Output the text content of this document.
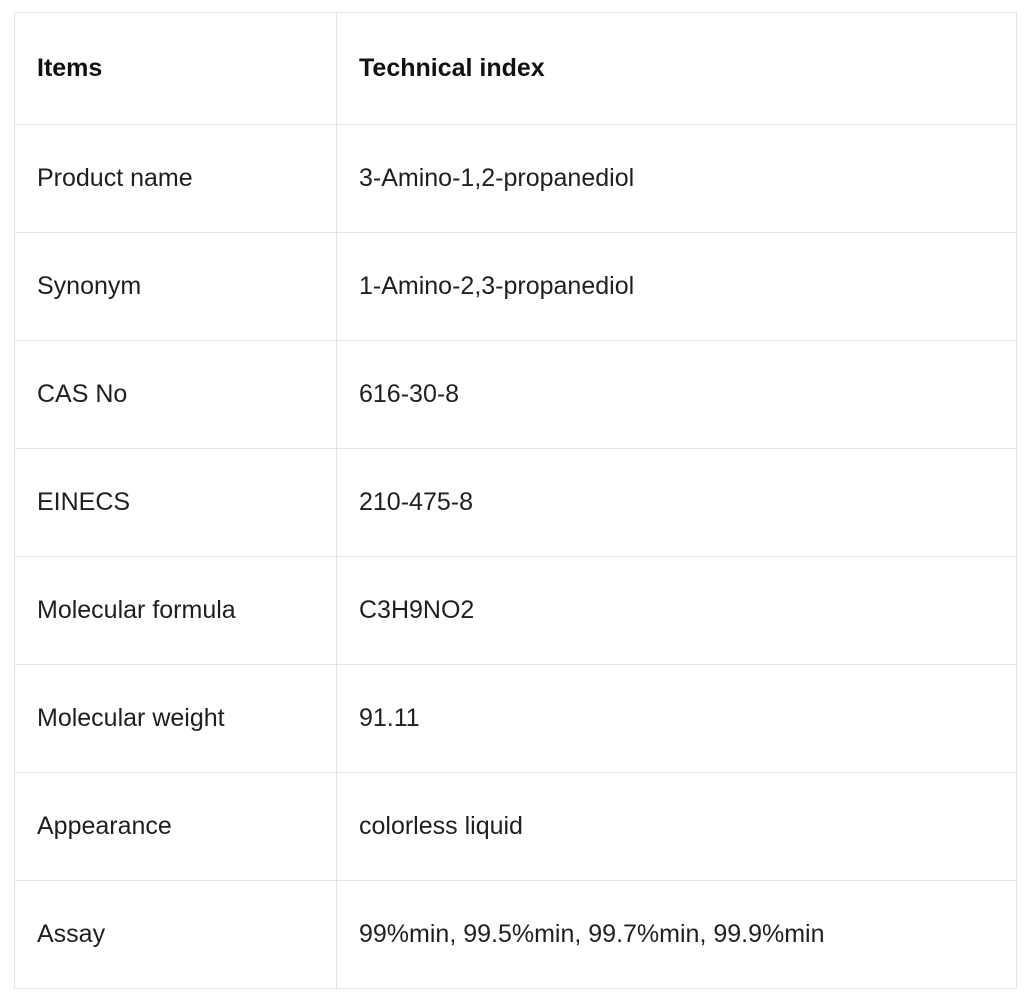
Items	Technical index
Product name	3-Amino-1,2-propanediol
Synonym	1-Amino-2,3-propanediol
CAS No	616-30-8
EINECS	210-475-8
Molecular formula	C3H9NO2
Molecular weight	91.11
Appearance	colorless liquid
Assay	99%min, 99.5%min, 99.7%min, 99.9%min
